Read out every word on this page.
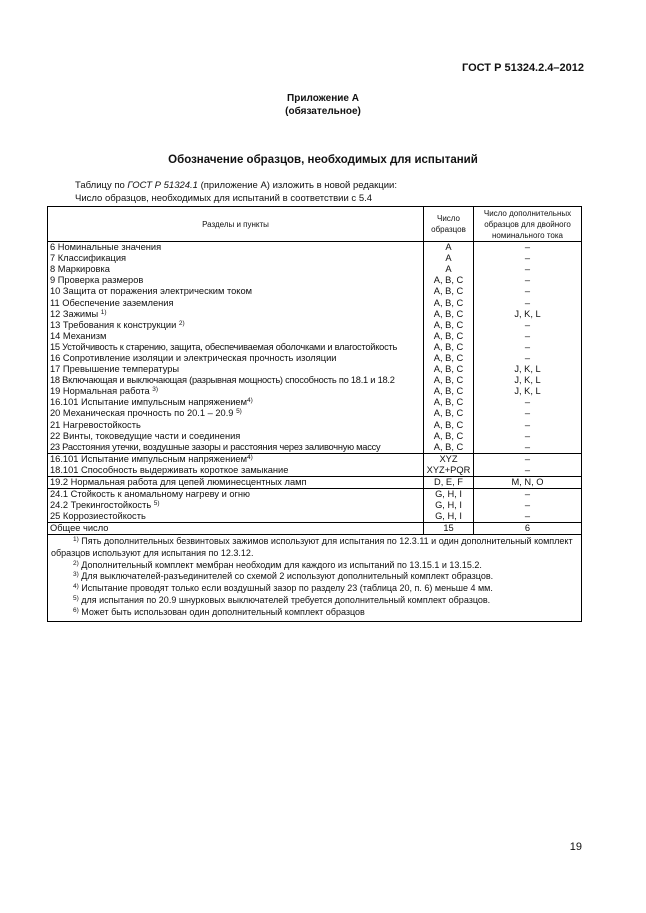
ГОСТ Р 51324.2.4–2012
Приложение А
(обязательное)
Обозначение образцов, необходимых для испытаний
Таблицу по ГОСТ Р 51324.1 (приложение А) изложить в новой редакции:
Число образцов, необходимых для испытаний в соответствии с 5.4
Разделы и пункты	Число образцов	Число дополнительных образцов для двойного номинального тока
6 Номинальные значения	A	–
7 Классификация	A	–
8 Маркировка	A	–
9 Проверка размеров	A, B, C	–
10 Защита от поражения электрическим током	A, B, C	–
11 Обеспечение заземления	A, B, C	–
12 Зажимы $^{1)}$	A, B, C	J, K, L
13 Требования к конструкции $^{2)}$	A, B, C	–
14 Механизм	A, B, C	–
15 Устойчивость к старению, защита, обеспечиваемая оболочками и влагостойкость	A, B, C	–
16 Сопротивление изоляции и электрическая прочность изоляции	A, B, C	–
17 Превышение температуры	A, B, C	J, K, L
18 Включающая и выключающая (разрывная мощность) способность по 18.1 и 18.2	A, B, C	J, K, L
19 Нормальная работа $^{3)}$	A, B, C	J, K, L
16.101 Испытание импульсным напряжением$^{4)}$	A, B, C	–
20 Механическая прочность по 20.1 – 20.9 $^{5)}$	A, B, C	–
21 Нагревостойкость	A, B, C	–
22 Винты, токоведущие части и соединения	A, B, C	–
23 Расстояния утечки, воздушные зазоры и расстояния через заливочную массу	A, B, C	–
16.101 Испытание импульсным напряжением$^{4)}$	XYZ	–
18.101 Способность выдерживать короткое замыкание	XYZ+PQR	–
19.2 Нормальная работа для цепей люминесцентных ламп	D, E, F	M, N, O
24.1 Стойкость к аномальному нагреву и огню	G, H, I	–
24.2 Трекингостойкость $^{5)}$	G, H, I	–
25 Коррозиестойкость	G, H, I	–
Общее число	15	6

$^{1)}$ Пять дополнительных безвинтовых зажимов используют для испытания по 12.3.11 и один дополнительный комплект образцов используют для испытания по 12.3.12.

$^{2)}$ Дополнительный комплект мембран необходим для каждого из испытаний по 13.15.1 и 13.15.2.

$^{3)}$ Для выключателей-разъединителей со схемой 2 используют дополнительный комплект образцов.

$^{4)}$ Испытание проводят только если воздушный зазор по разделу 23 (таблица 20, п. 6) меньше 4 мм.

$^{5)}$ для испытания по 20.9 шнурковых выключателей требуется дополнительный комплект образцов.

$^{6)}$ Может быть использован один дополнительный комплект образцов

19
